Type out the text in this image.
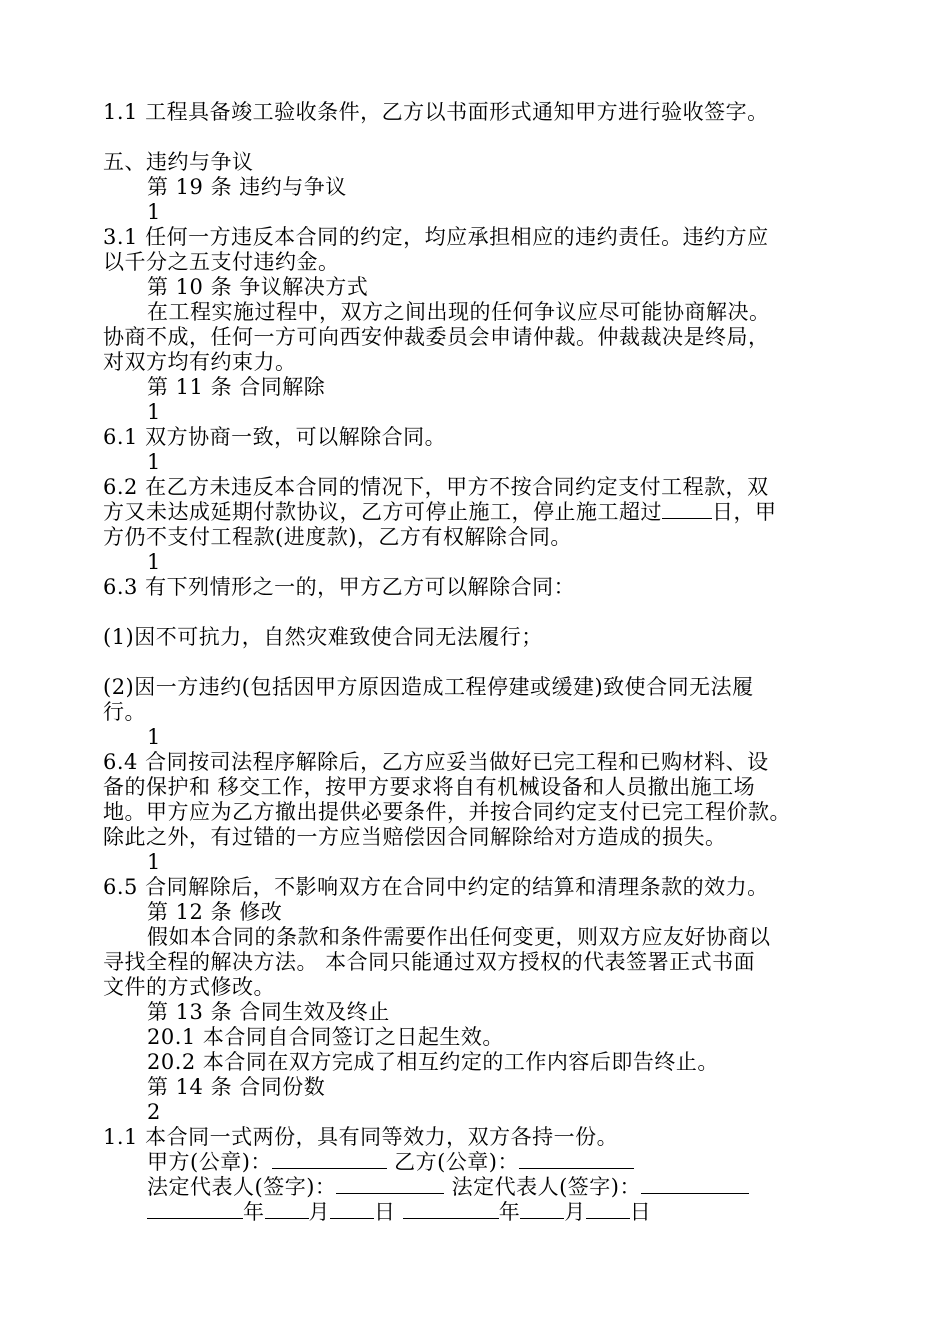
1.1 工程具备竣工验收条件，乙方以书面形式通知甲方进行验收签字。
五、违约与争议
第 19 条 违约与争议
1
3.1 任何一方违反本合同的约定，均应承担相应的违约责任。违约方应
以千分之五支付违约金。
第 10 条 争议解决方式
在工程实施过程中，双方之间出现的任何争议应尽可能协商解决。
协商不成，任何一方可向西安仲裁委员会申请仲裁。仲裁裁决是终局，
对双方均有约束力。
第 11 条 合同解除
1
6.1 双方协商一致，可以解除合同。
1
6.2 在乙方未违反本合同的情况下，甲方不按合同约定支付工程款，双
方又未达成延期付款协议，乙方可停止施工，停止施工超过 日，甲
方仍不支付工程款(进度款)，乙方有权解除合同。
1
6.3 有下列情形之一的，甲方乙方可以解除合同：
(1)因不可抗力，自然灾难致使合同无法履行；
(2)因一方违约(包括因甲方原因造成工程停建或缓建)致使合同无法履
行。
1
6.4 合同按司法程序解除后，乙方应妥当做好已完工程和已购材料、设
备的保护和 移交工作，按甲方要求将自有机械设备和人员撤出施工场
地。甲方应为乙方撤出提供必要条件，并按合同约定支付已完工程价款。
除此之外，有过错的一方应当赔偿因合同解除给对方造成的损失。
1
6.5 合同解除后，不影响双方在合同中约定的结算和清理条款的效力。
第 12 条 修改
假如本合同的条款和条件需要作出任何变更，则双方应友好协商以
寻找全程的解决方法。 本合同只能通过双方授权的代表签署正式书面
文件的方式修改。
第 13 条 合同生效及终止
20.1 本合同自合同签订之日起生效。
20.2 本合同在双方完成了相互约定的工作内容后即告终止。
第 14 条 合同份数
2
1.1 本合同一式两份，具有同等效力，双方各持一份。
甲方(公章)：	乙方(公章)：
法定代表人(签字)：	法定代表人(签字)：
年 月 日	年 月 日
